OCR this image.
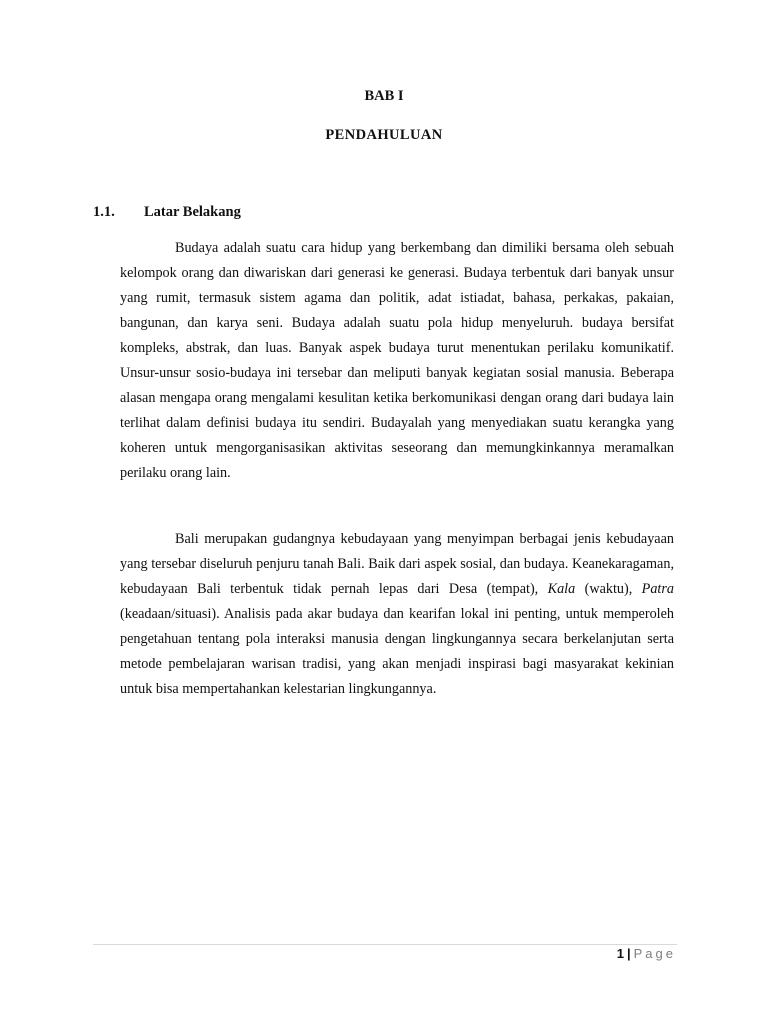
BAB I
PENDAHULUAN
1.1. Latar Belakang

Budaya adalah suatu cara hidup yang berkembang dan dimiliki bersama oleh sebuah kelompok orang dan diwariskan dari generasi ke generasi. Budaya terbentuk dari banyak unsur yang rumit, termasuk sistem agama dan politik, adat istiadat, bahasa, perkakas, pakaian, bangunan, dan karya seni. Budaya adalah suatu pola hidup menyeluruh. budaya bersifat kompleks, abstrak, dan luas. Banyak aspek budaya turut menentukan perilaku komunikatif. Unsur-unsur sosio-budaya ini tersebar dan meliputi banyak kegiatan sosial manusia. Beberapa alasan mengapa orang mengalami kesulitan ketika berkomunikasi dengan orang dari budaya lain terlihat dalam definisi budaya itu sendiri. Budayalah yang menyediakan suatu kerangka yang koheren untuk mengorganisasikan aktivitas seseorang dan memungkinkannya meramalkan perilaku orang lain.

Bali merupakan gudangnya kebudayaan yang menyimpan berbagai jenis kebudayaan yang tersebar diseluruh penjuru tanah Bali. Baik dari aspek sosial, dan budaya. Keanekaragaman, kebudayaan Bali terbentuk tidak pernah lepas dari Desa (tempat), Kala (waktu), Patra (keadaan/situasi). Analisis pada akar budaya dan kearifan lokal ini penting, untuk memperoleh pengetahuan tentang pola interaksi manusia dengan lingkungannya secara berkelanjutan serta metode pembelajaran warisan tradisi, yang akan menjadi inspirasi bagi masyarakat kekinian untuk bisa mempertahankan kelestarian lingkungannya.

1 | Page
